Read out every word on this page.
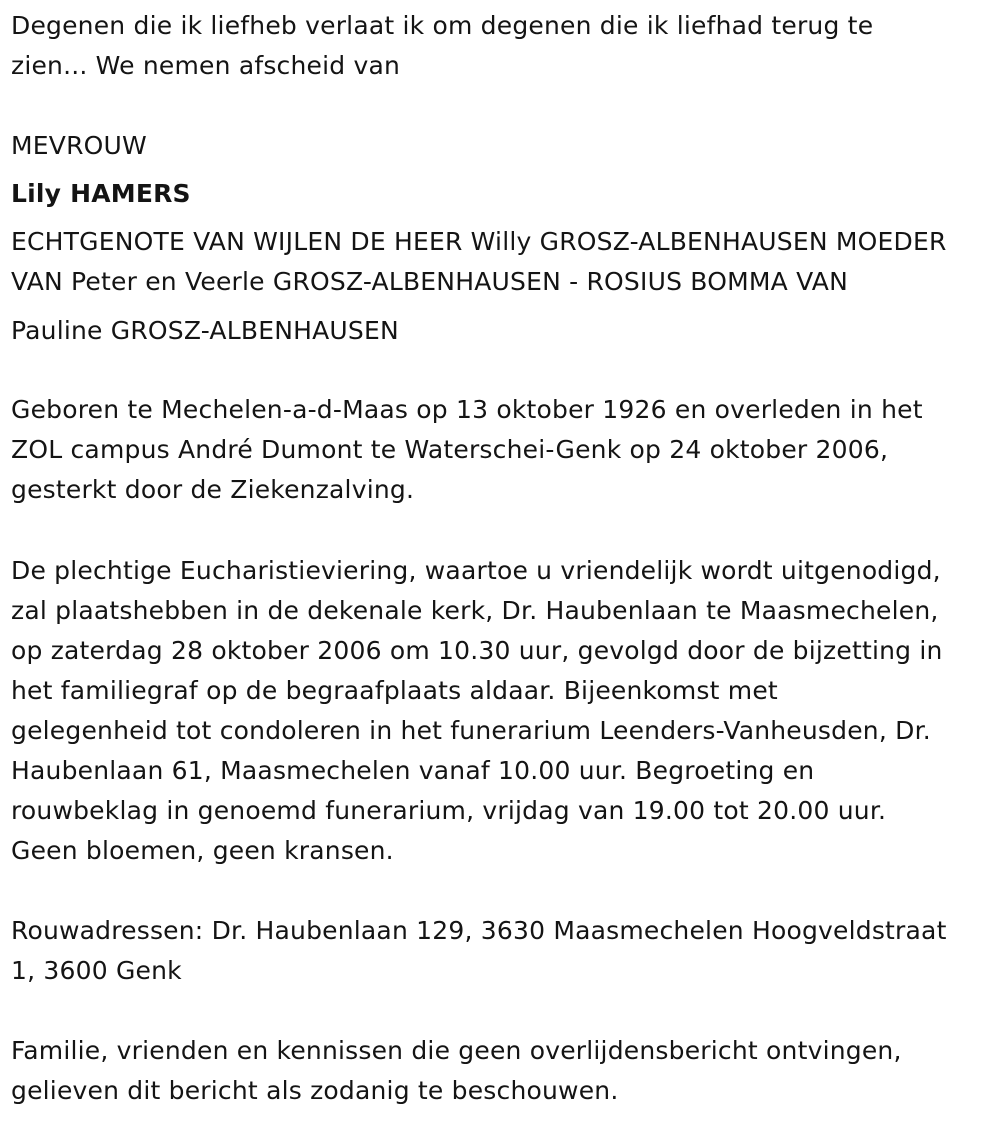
Degenen die ik liefheb verlaat ik om degenen die ik liefhad terug te
zien... We nemen afscheid van
MEVROUW
Lily HAMERS
ECHTGENOTE VAN WIJLEN DE HEER Willy GROSZ-ALBENHAUSEN MOEDER
VAN Peter en Veerle GROSZ-ALBENHAUSEN - ROSIUS BOMMA VAN
Pauline GROSZ-ALBENHAUSEN
Geboren te Mechelen-a-d-Maas op 13 oktober 1926 en overleden in het
ZOL campus André Dumont te Waterschei-Genk op 24 oktober 2006,
gesterkt door de Ziekenzalving.
De plechtige Eucharistieviering, waartoe u vriendelijk wordt uitgenodigd,
zal plaatshebben in de dekenale kerk, Dr. Haubenlaan te Maasmechelen,
op zaterdag 28 oktober 2006 om 10.30 uur, gevolgd door de bijzetting in
het familiegraf op de begraafplaats aldaar. Bijeenkomst met
gelegenheid tot condoleren in het funerarium Leenders-Vanheusden, Dr.
Haubenlaan 61, Maasmechelen vanaf 10.00 uur. Begroeting en
rouwbeklag in genoemd funerarium, vrijdag van 19.00 tot 20.00 uur.
Geen bloemen, geen kransen.
Rouwadressen: Dr. Haubenlaan 129, 3630 Maasmechelen Hoogveldstraat
1, 3600 Genk
Familie, vrienden en kennissen die geen overlijdensbericht ontvingen,
gelieven dit bericht als zodanig te beschouwen.
